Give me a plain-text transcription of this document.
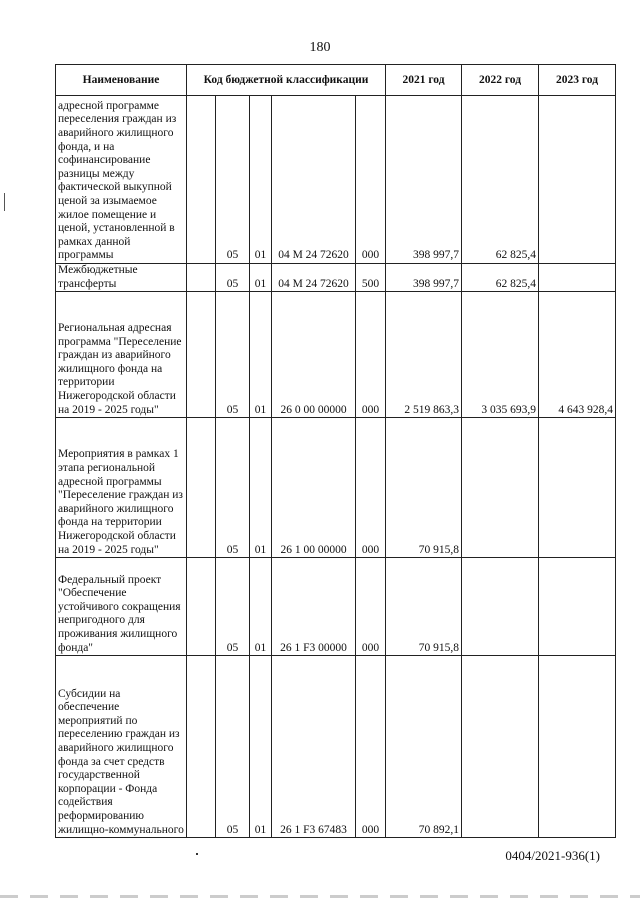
180
Наименование	Код бюджетной классификации					2021 год	2022 год	2023 год
адресной программе переселения граждан из аварийного жилищного фонда, и на софинансирование разницы между фактической выкупной ценой за изымаемое жилое помещение и ценой, установленной в рамках данной программы		05	01	04 М 24 72620	000	398 997,7	62 825,4	
Межбюджетные трансферты		05	01	04 М 24 72620	500	398 997,7	62 825,4	
Региональная адресная программа "Переселение граждан из аварийного жилищного фонда на территории Нижегородской области на 2019 - 2025 годы"		05	01	26 0 00 00000	000	2 519 863,3	3 035 693,9	4 643 928,4
Мероприятия в рамках 1 этапа региональной адресной программы "Переселение граждан из аварийного жилищного фонда на территории Нижегородской области на 2019 - 2025 годы"		05	01	26 1 00 00000	000	70 915,8		
Федеральный проект "Обеспечение устойчивого сокращения непригодного для проживания жилищного фонда"		05	01	26 1 F3 00000	000	70 915,8		
Субсидии на обеспечение мероприятий по переселению граждан из аварийного жилищного фонда за счет средств государственной корпорации - Фонда содействия реформированию жилищно-коммунального		05	01	26 1 F3 67483	000	70 892,1		
0404/2021-936(1)
